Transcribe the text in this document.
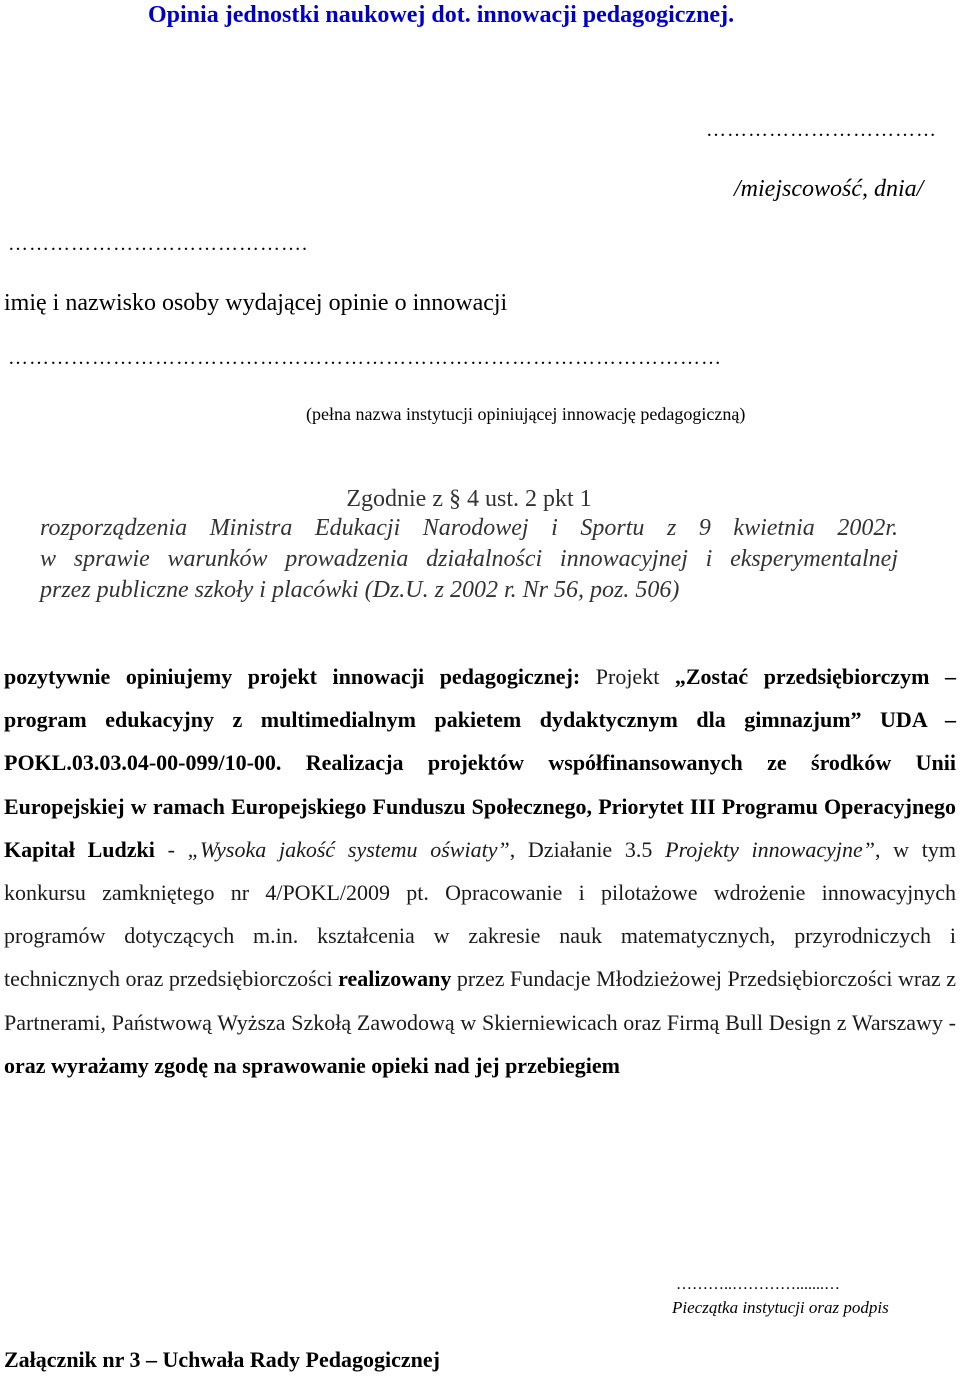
Opinia jednostki naukowej dot. innowacji pedagogicznej.
……………………………
/miejscowość, dnia/
…………………………………….
imię i nazwisko osoby wydającej opinie o innowacji
…………………………………………………………………………………………
(pełna nazwa instytucji opiniującej innowację pedagogiczną)
Zgodnie z § 4 ust. 2 pkt 1
rozporządzenia Ministra Edukacji Narodowej i Sportu z 9 kwietnia 2002r.
w sprawie warunków prowadzenia działalności innowacyjnej i eksperymentalnej
przez publiczne szkoły i placówki (Dz.U. z 2002 r. Nr 56, poz. 506)
pozytywnie opiniujemy projekt innowacji pedagogicznej: Projekt „Zostać przedsiębiorczym – program edukacyjny z multimedialnym pakietem dydaktycznym dla gimnazjum” UDA – POKL.03.03.04-00-099/10-00. Realizacja projektów współfinansowanych ze środków Unii Europejskiej w ramach Europejskiego Funduszu Społecznego, Priorytet III Programu Operacyjnego Kapitał Ludzki - „Wysoka jakość systemu oświaty”, Działanie 3.5 Projekty innowacyjne”, w tym konkursu zamkniętego nr 4/POKL/2009 pt. Opracowanie i pilotażowe wdrożenie innowacyjnych programów dotyczących m.in. kształcenia w zakresie nauk matematycznych, przyrodniczych i technicznych oraz przedsiębiorczości realizowany przez Fundacje Młodzieżowej Przedsiębiorczości wraz z Partnerami, Państwową Wyższa Szkołą Zawodową w Skierniewicach oraz Firmą Bull Design z Warszawy - oraz wyrażamy zgodę na sprawowanie opieki nad jej przebiegiem
………..………….......…
Pieczątka instytucji oraz podpis
Załącznik nr 3 – Uchwała Rady Pedagogicznej
